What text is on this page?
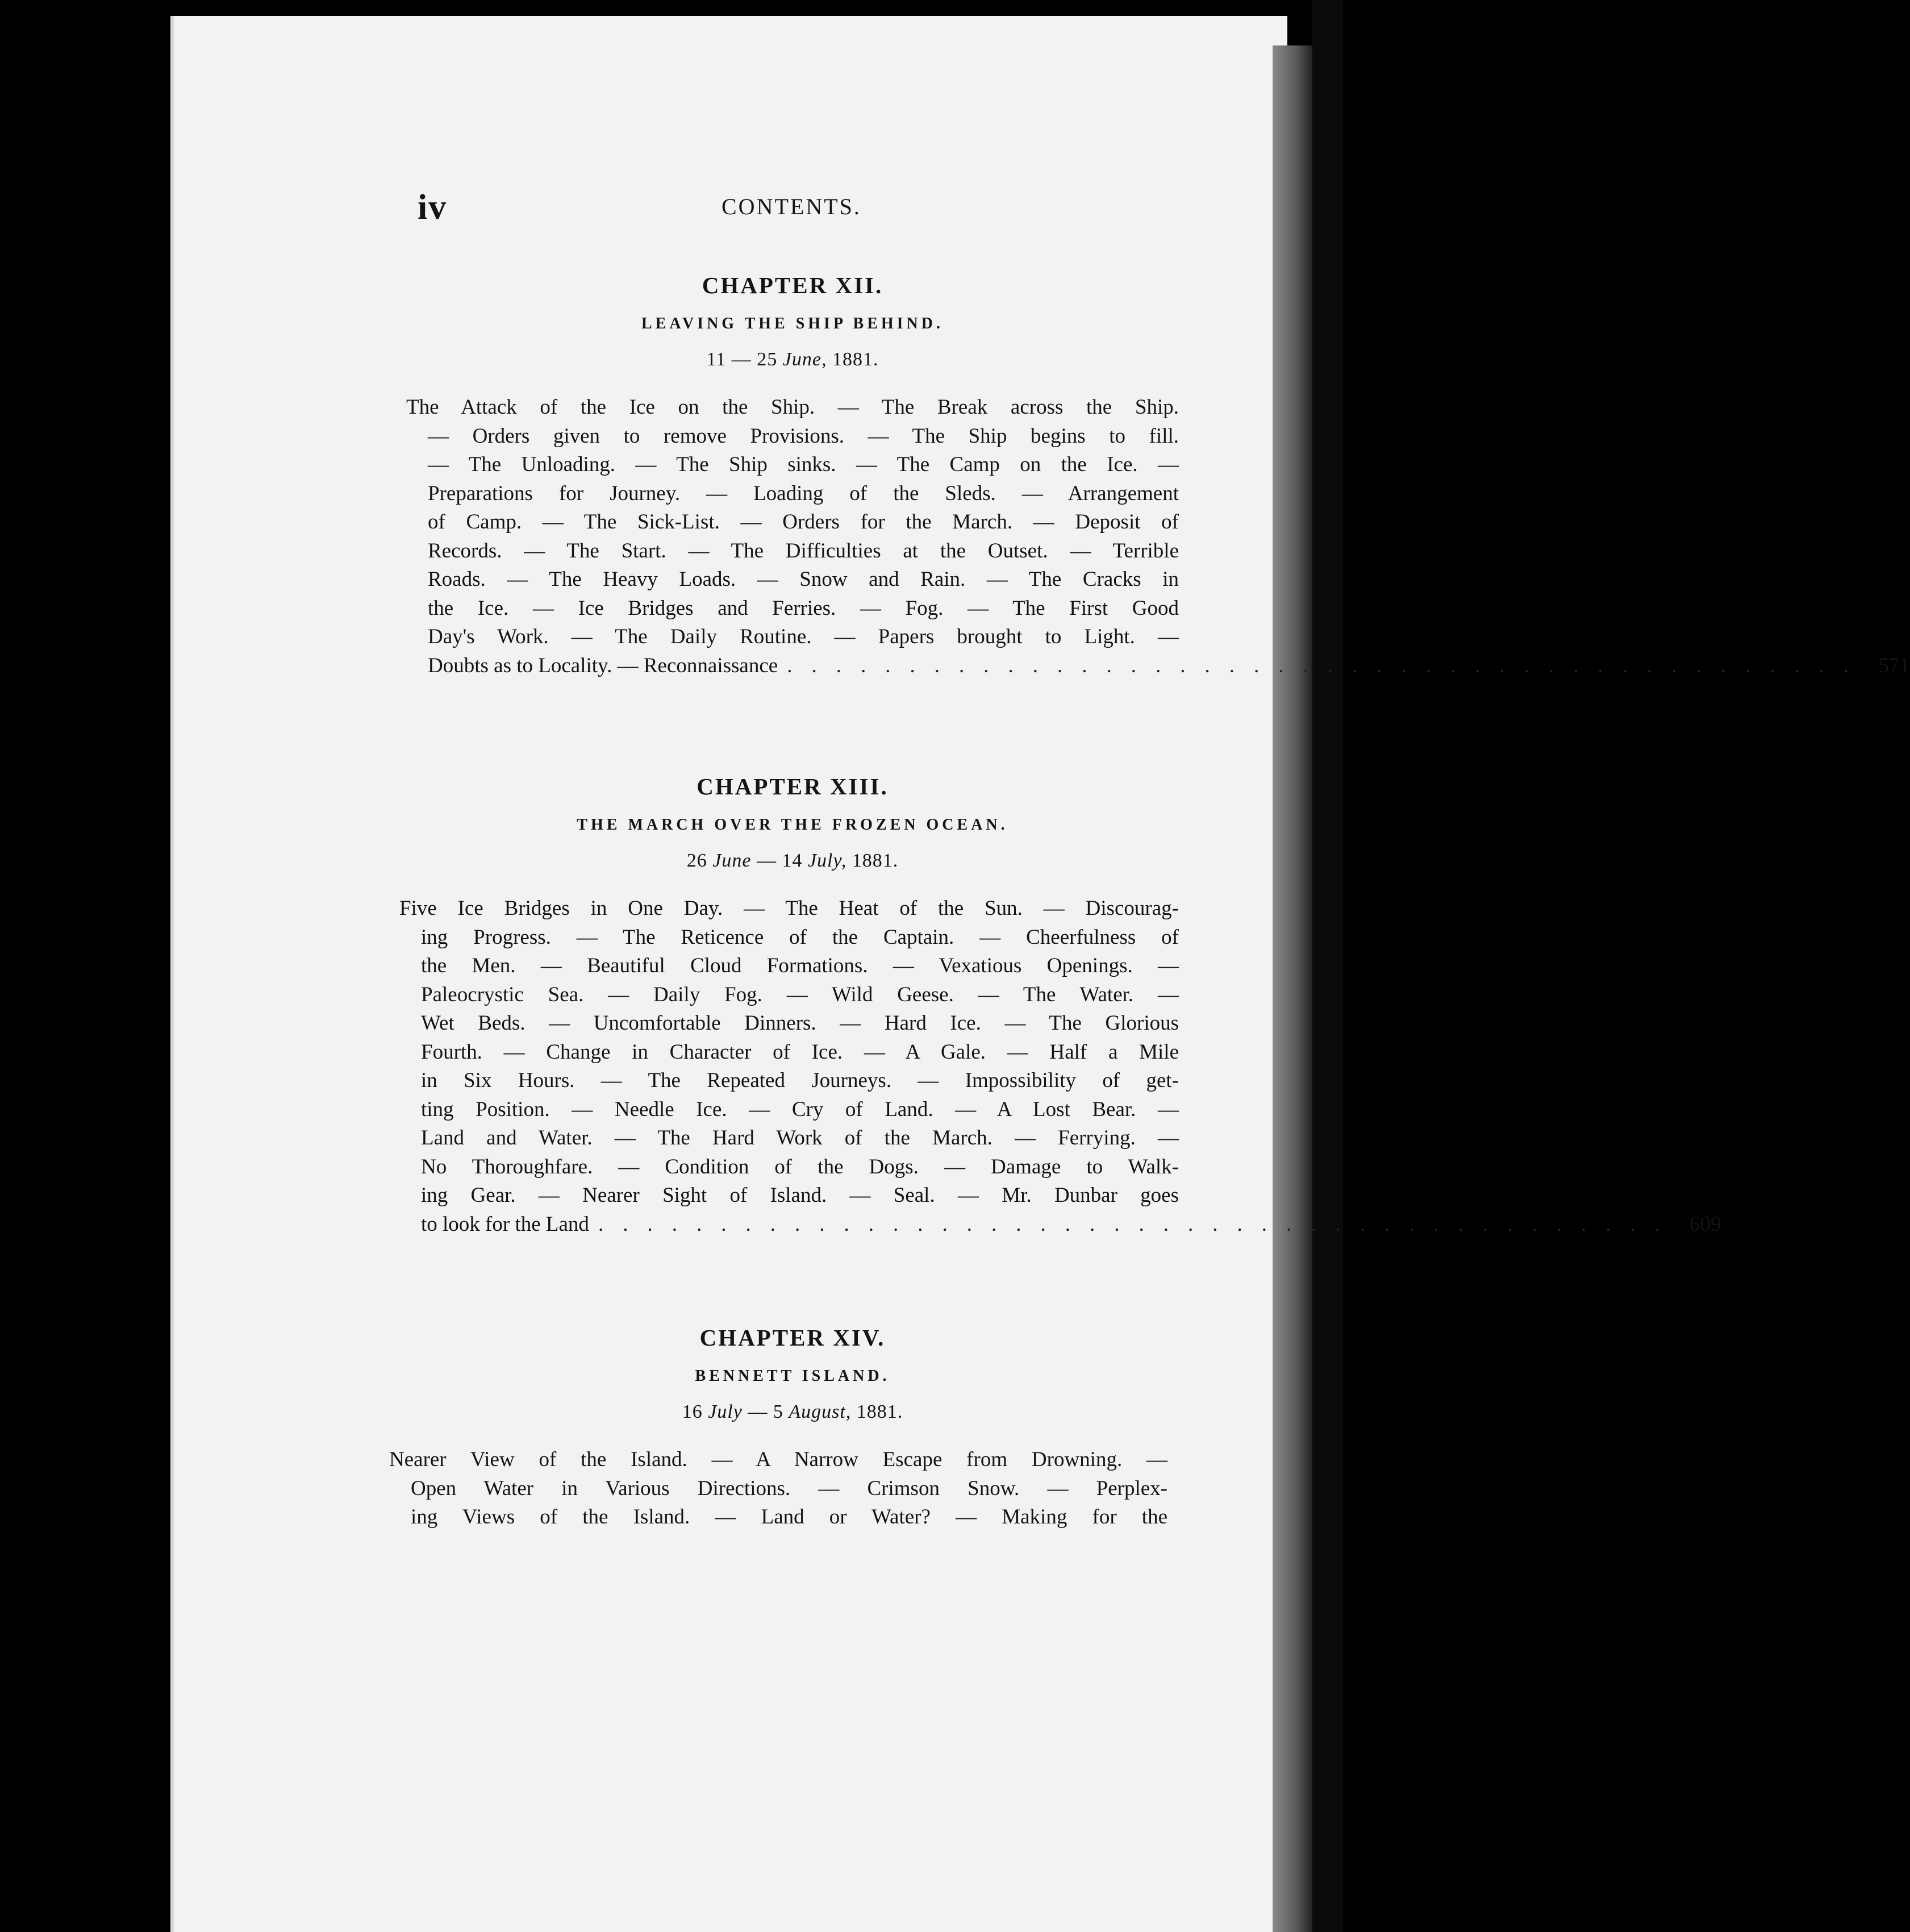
iv	CONTENTS.
CHAPTER XII.
LEAVING THE SHIP BEHIND.
11 — 25 June, 1881.
The Attack of the Ice on the Ship. — The Break across the Ship.
— Orders given to remove Provisions. — The Ship begins to fill.
— The Unloading. — The Ship sinks. — The Camp on the Ice. —
Preparations for Journey. — Loading of the Sleds. — Arrangement
of Camp. — The Sick-List. — Orders for the March. — Deposit of
Records. — The Start. — The Difficulties at the Outset. — Terrible
Roads. — The Heavy Loads. — Snow and Rain. — The Cracks in
the Ice. — Ice Bridges and Ferries. — Fog. — The First Good
Day's Work. — The Daily Routine. — Papers brought to Light. —
Doubts as to Locality. — Reconnaissance ............................................ 571
CHAPTER XIII.
THE MARCH OVER THE FROZEN OCEAN.
26 June — 14 July, 1881.
Five Ice Bridges in One Day. — The Heat of the Sun. — Discourag-
ing Progress. — The Reticence of the Captain. — Cheerfulness of
the Men. — Beautiful Cloud Formations. — Vexatious Openings. —
Paleocrystic Sea. — Daily Fog. — Wild Geese. — The Water. —
Wet Beds. — Uncomfortable Dinners. — Hard Ice. — The Glorious
Fourth. — Change in Character of Ice. — A Gale. — Half a Mile
in Six Hours. — The Repeated Journeys. — Impossibility of get-
ting Position. — Needle Ice. — Cry of Land. — A Lost Bear. —
Land and Water. — The Hard Work of the March. — Ferrying. —
No Thoroughfare. — Condition of the Dogs. — Damage to Walk-
ing Gear. — Nearer Sight of Island. — Seal. — Mr. Dunbar goes
to look for the Land ............................................ 609
CHAPTER XIV.
BENNETT ISLAND.
16 July — 5 August, 1881.
Nearer View of the Island. — A Narrow Escape from Drowning. —
Open Water in Various Directions. — Crimson Snow. — Perplex-
ing Views of the Island. — Land or Water? — Making for the
